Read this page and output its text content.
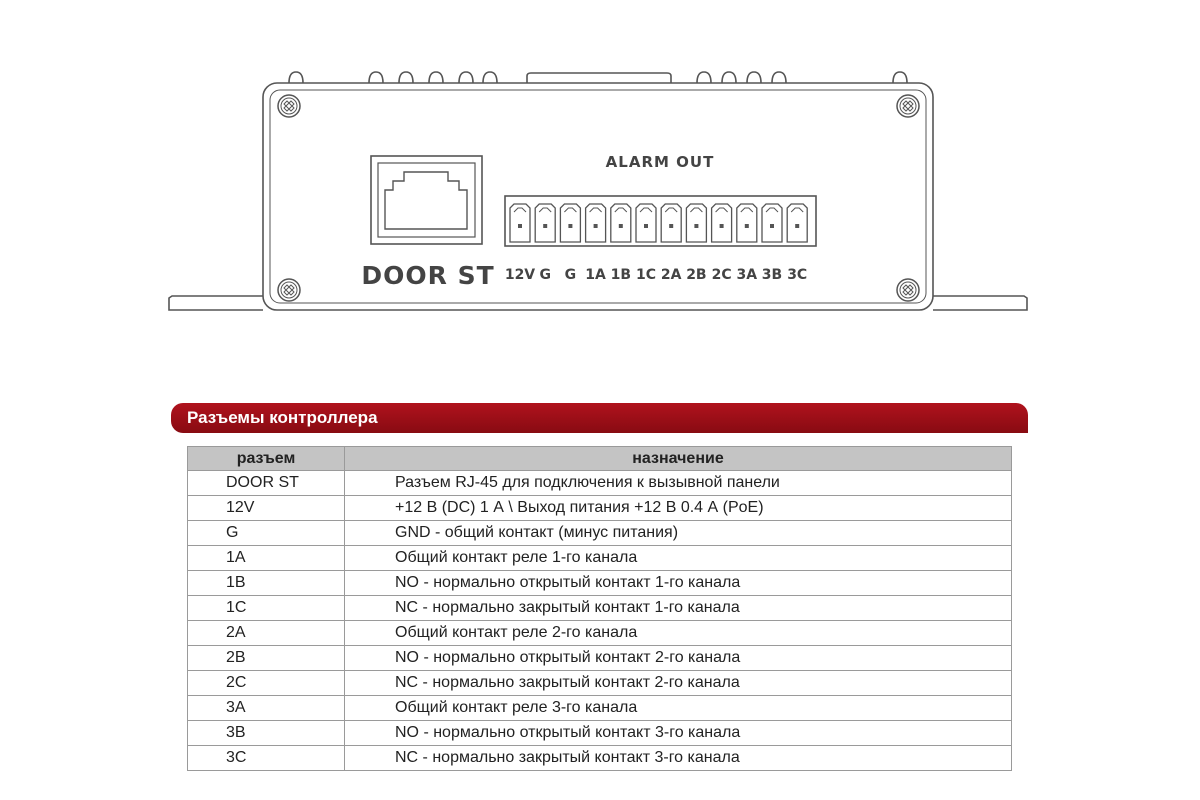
DOOR ST
ALARM OUT
12V G G 1A 1B 1C 2A 2B 2C 3A 3B 3C
Разъемы контроллера
разъем	назначение
DOOR ST	Разъем RJ-45 для подключения к вызывной панели
12V	+12 В (DC) 1 А \ Выход питания +12 В 0.4 А (PoE)
G	GND - общий контакт (минус питания)
1A	Общий контакт реле 1-го канала
1B	NO - нормально открытый контакт 1-го канала
1C	NC - нормально закрытый контакт 1-го канала
2A	Общий контакт реле 2-го канала
2B	NO - нормально открытый контакт 2-го канала
2C	NC - нормально закрытый контакт 2-го канала
3A	Общий контакт реле 3-го канала
3B	NO - нормально открытый контакт 3-го канала
3C	NC - нормально закрытый контакт 3-го канала
